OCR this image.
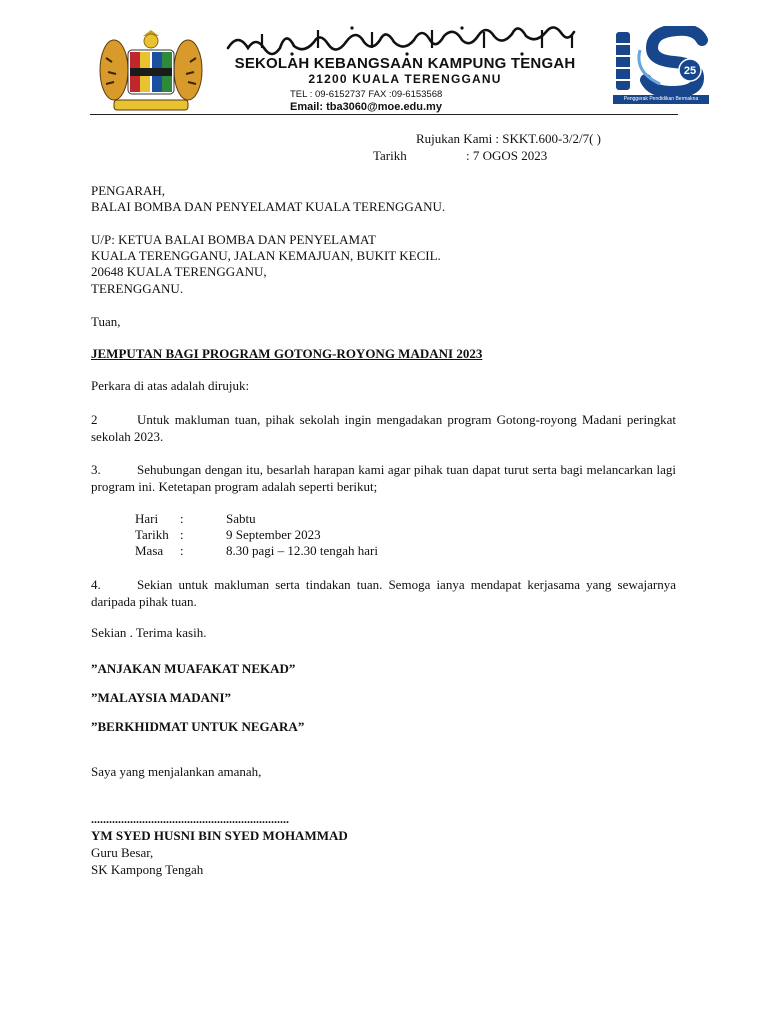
SEKOLAH KEBANGSAAN KAMPUNG TENGAH
21200 KUALA TERENGGANU
TEL : 09-6152737 FAX :09-6153568
Email: tba3060@moe.edu.my
25
Penggerak Pendidikan Bermakna
Rujukan Kami : SKKT.600-3/2/7( )
Tarikh	: 7 OGOS 2023
PENGARAH,
BALAI BOMBA DAN PENYELAMAT KUALA TERENGGANU.
U/P: KETUA BALAI BOMBA DAN PENYELAMAT
KUALA TERENGGANU, JALAN KEMAJUAN, BUKIT KECIL.
20648 KUALA TERENGGANU,
TERENGGANU.
Tuan,
JEMPUTAN BAGI PROGRAM GOTONG-ROYONG MADANI 2023
Perkara di atas adalah dirujuk:
2	Untuk makluman tuan, pihak sekolah ingin mengadakan program Gotong-royong Madani peringkat sekolah 2023.
3.	Sehubungan dengan itu, besarlah harapan kami agar pihak tuan dapat turut serta bagi melancarkan lagi program ini. Ketetapan program adalah seperti berikut;
Hari :	Sabtu
Tarikh :	9 September 2023
Masa :	8.30 pagi – 12.30 tengah hari
4.	Sekian untuk makluman serta tindakan tuan. Semoga ianya mendapat kerjasama yang sewajarnya daripada pihak tuan.
Sekian . Terima kasih.
”ANJAKAN MUAFAKAT NEKAD”
”MALAYSIA MADANI”
”BERKHIDMAT UNTUK NEGARA”
Saya yang menjalankan amanah,
..................................................................
YM SYED HUSNI BIN SYED MOHAMMAD
Guru Besar,
SK Kampong Tengah
